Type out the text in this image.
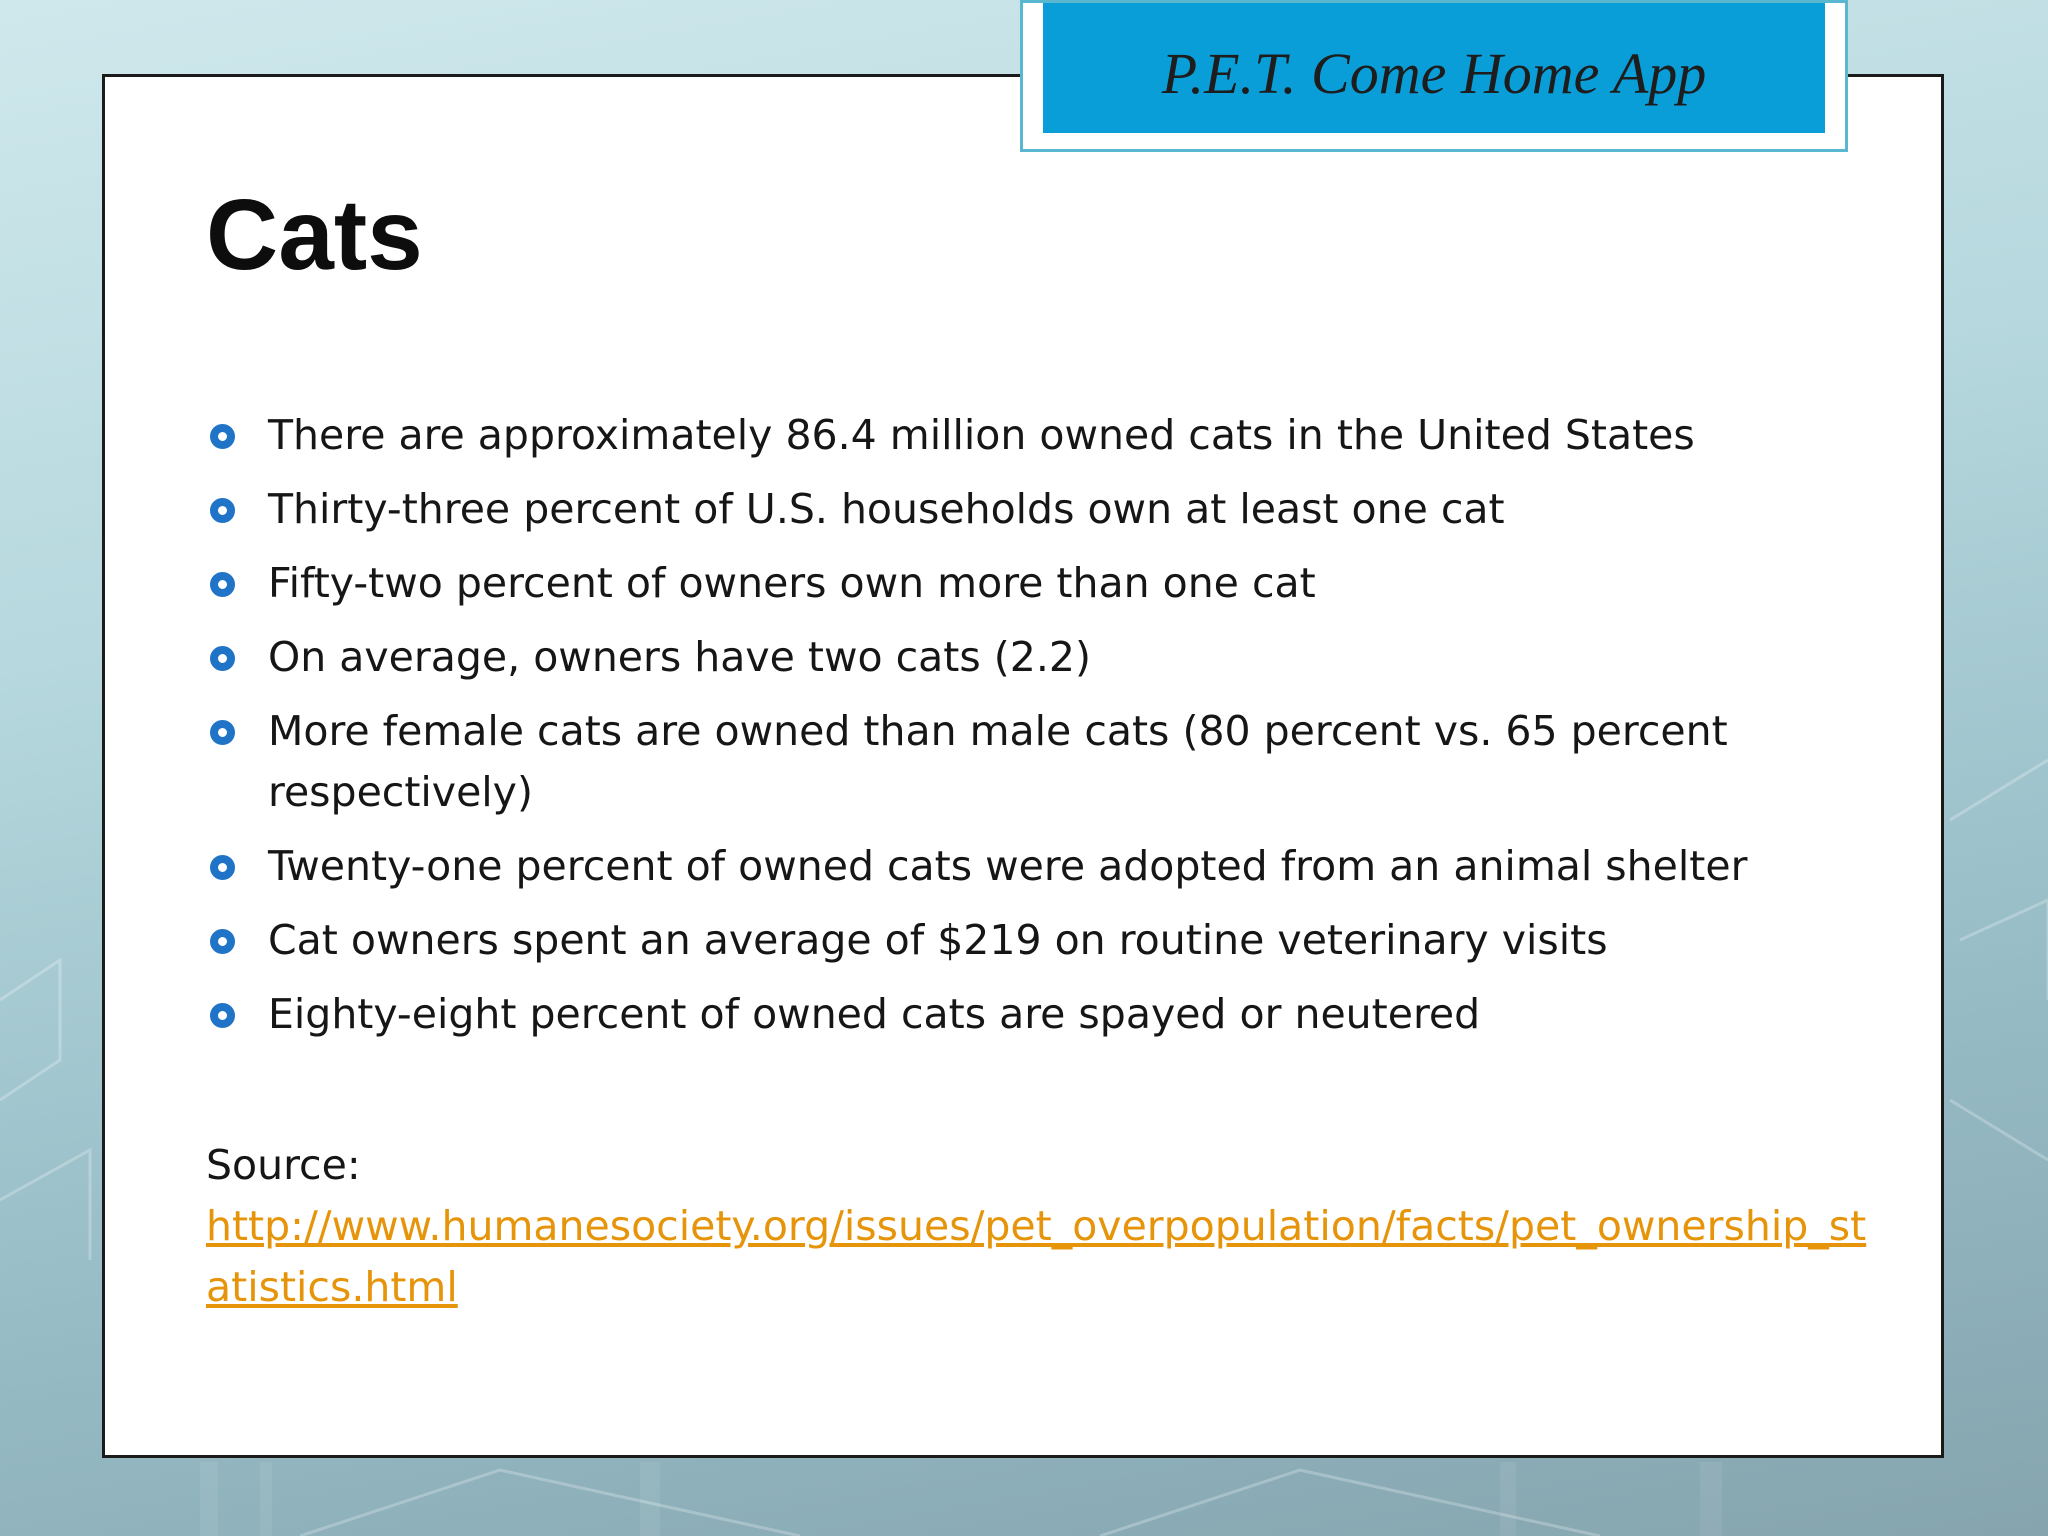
P.E.T. Come Home App
Cats
There are approximately 86.4 million owned cats in the United States
Thirty-three percent of U.S. households own at least one cat
Fifty-two percent of owners own more than one cat
On average, owners have two cats (2.2)
More female cats are owned than male cats (80 percent vs. 65 percent respectively)
Twenty-one percent of owned cats were adopted from an animal shelter
Cat owners spent an average of $219 on routine veterinary visits
Eighty-eight percent of owned cats are spayed or neutered
Source:
http://www.humanesociety.org/issues/pet_overpopulation/facts/pet_ownership_statistics.html
